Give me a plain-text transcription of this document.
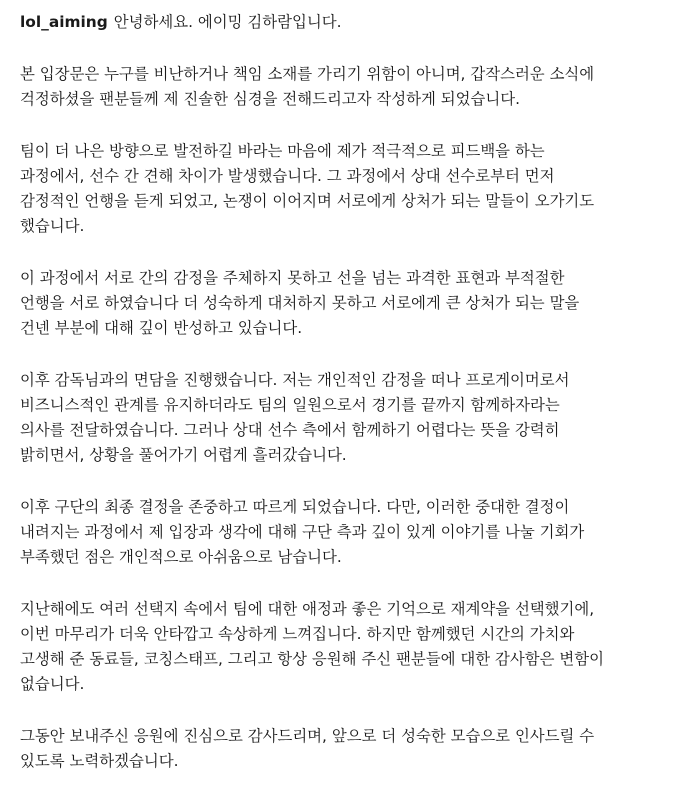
lol_aiming 안녕하세요. 에이밍 김하람입니다.
본 입장문은 누구를 비난하거나 책임 소재를 가리기 위함이 아니며, 갑작스러운 소식에
걱정하셨을 팬분들께 제 진솔한 심경을 전해드리고자 작성하게 되었습니다.
팀이 더 나은 방향으로 발전하길 바라는 마음에 제가 적극적으로 피드백을 하는
과정에서, 선수 간 견해 차이가 발생했습니다. 그 과정에서 상대 선수로부터 먼저
감정적인 언행을 듣게 되었고, 논쟁이 이어지며 서로에게 상처가 되는 말들이 오가기도
했습니다.
이 과정에서 서로 간의 감정을 주체하지 못하고 선을 넘는 과격한 표현과 부적절한
언행을 서로 하였습니다 더 성숙하게 대처하지 못하고 서로에게 큰 상처가 되는 말을
건넨 부분에 대해 깊이 반성하고 있습니다.
이후 감독님과의 면담을 진행했습니다. 저는 개인적인 감정을 떠나 프로게이머로서
비즈니스적인 관계를 유지하더라도 팀의 일원으로서 경기를 끝까지 함께하자라는
의사를 전달하였습니다. 그러나 상대 선수 측에서 함께하기 어렵다는 뜻을 강력히
밝히면서, 상황을 풀어가기 어렵게 흘러갔습니다.
이후 구단의 최종 결정을 존중하고 따르게 되었습니다. 다만, 이러한 중대한 결정이
내려지는 과정에서 제 입장과 생각에 대해 구단 측과 깊이 있게 이야기를 나눌 기회가
부족했던 점은 개인적으로 아쉬움으로 남습니다.
지난해에도 여러 선택지 속에서 팀에 대한 애정과 좋은 기억으로 재계약을 선택했기에,
이번 마무리가 더욱 안타깝고 속상하게 느껴집니다. 하지만 함께했던 시간의 가치와
고생해 준 동료들, 코칭스태프, 그리고 항상 응원해 주신 팬분들에 대한 감사함은 변함이
없습니다.
그동안 보내주신 응원에 진심으로 감사드리며, 앞으로 더 성숙한 모습으로 인사드릴 수
있도록 노력하겠습니다.
